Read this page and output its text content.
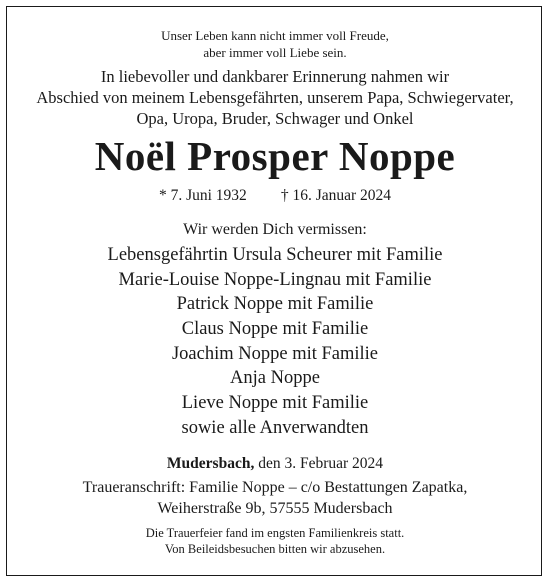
Unser Leben kann nicht immer voll Freude,
aber immer voll Liebe sein.
In liebevoller und dankbarer Erinnerung nahmen wir
Abschied von meinem Lebensgefährten, unserem Papa, Schwiegervater,
Opa, Uropa, Bruder, Schwager und Onkel
Noël Prosper Noppe
* 7. Juni 1932 † 16. Januar 2024
Wir werden Dich vermissen:
Lebensgefährtin Ursula Scheurer mit Familie
Marie-Louise Noppe-Lingnau mit Familie
Patrick Noppe mit Familie
Claus Noppe mit Familie
Joachim Noppe mit Familie
Anja Noppe
Lieve Noppe mit Familie
sowie alle Anverwandten
Mudersbach, den 3. Februar 2024
Traueranschrift: Familie Noppe – c/o Bestattungen Zapatka,
Weiherstraße 9b, 57555 Mudersbach
Die Trauerfeier fand im engsten Familienkreis statt.
Von Beileidsbesuchen bitten wir abzusehen.
